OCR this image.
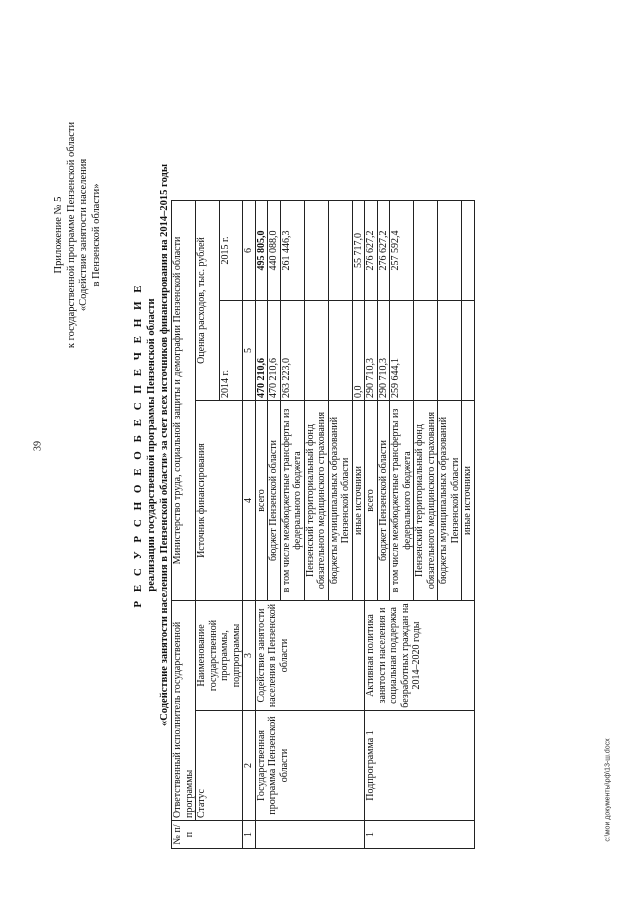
39
Приложение № 5 к государственной программе Пензенской области «Содействие занятости населения в Пензенской области»
Р Е С У Р С Н О Е О Б Е С П Е Ч Е Н И Е реализации государственной программы Пензенской области «Содействие занятости населения в Пензенской области» за счет всех источников финансирования на 2014–2015 годы
№ п/п	Ответственный исполнитель государственной программы		Министерство труда, социальной защиты и демографии Пензенской области		
	Статус	Наименование государственной программы, подпрограммы	Источник финансирования	Оценка расходов, тыс. рублей	
				2014 г.	2015 г.
1	2	3	4	5	6
	Государственная программа Пензенской области	Содействие занятости населения в Пензенской области	всего	470 210,6	495 805,0
			бюджет Пензенской области	470 210,6	440 088,0
			в том числе межбюджетные трансферты из федерального бюджета	263 223,0	261 446,3
			Пензенский территориальный фонд обязательного медицинского страхования		
			бюджеты муниципальных образований Пензенской области		
			иные источники	0,0	55 717,0
1	Подпрограмма 1	Активная политика занятости населения и социальная поддержка безработных граждан на 2014–2020 годы	всего	290 710,3	276 627,2
			бюджет Пензенской области	290 710,3	276 627,2
			в том числе межбюджетные трансферты из федерального бюджета	259 644,1	257 592,4
			Пензенский территориальный фонд обязательного медицинского страхования		
			бюджеты муниципальных образований Пензенской области		
			иные источники		
c:\мои документы\рф\13-ш.docx
